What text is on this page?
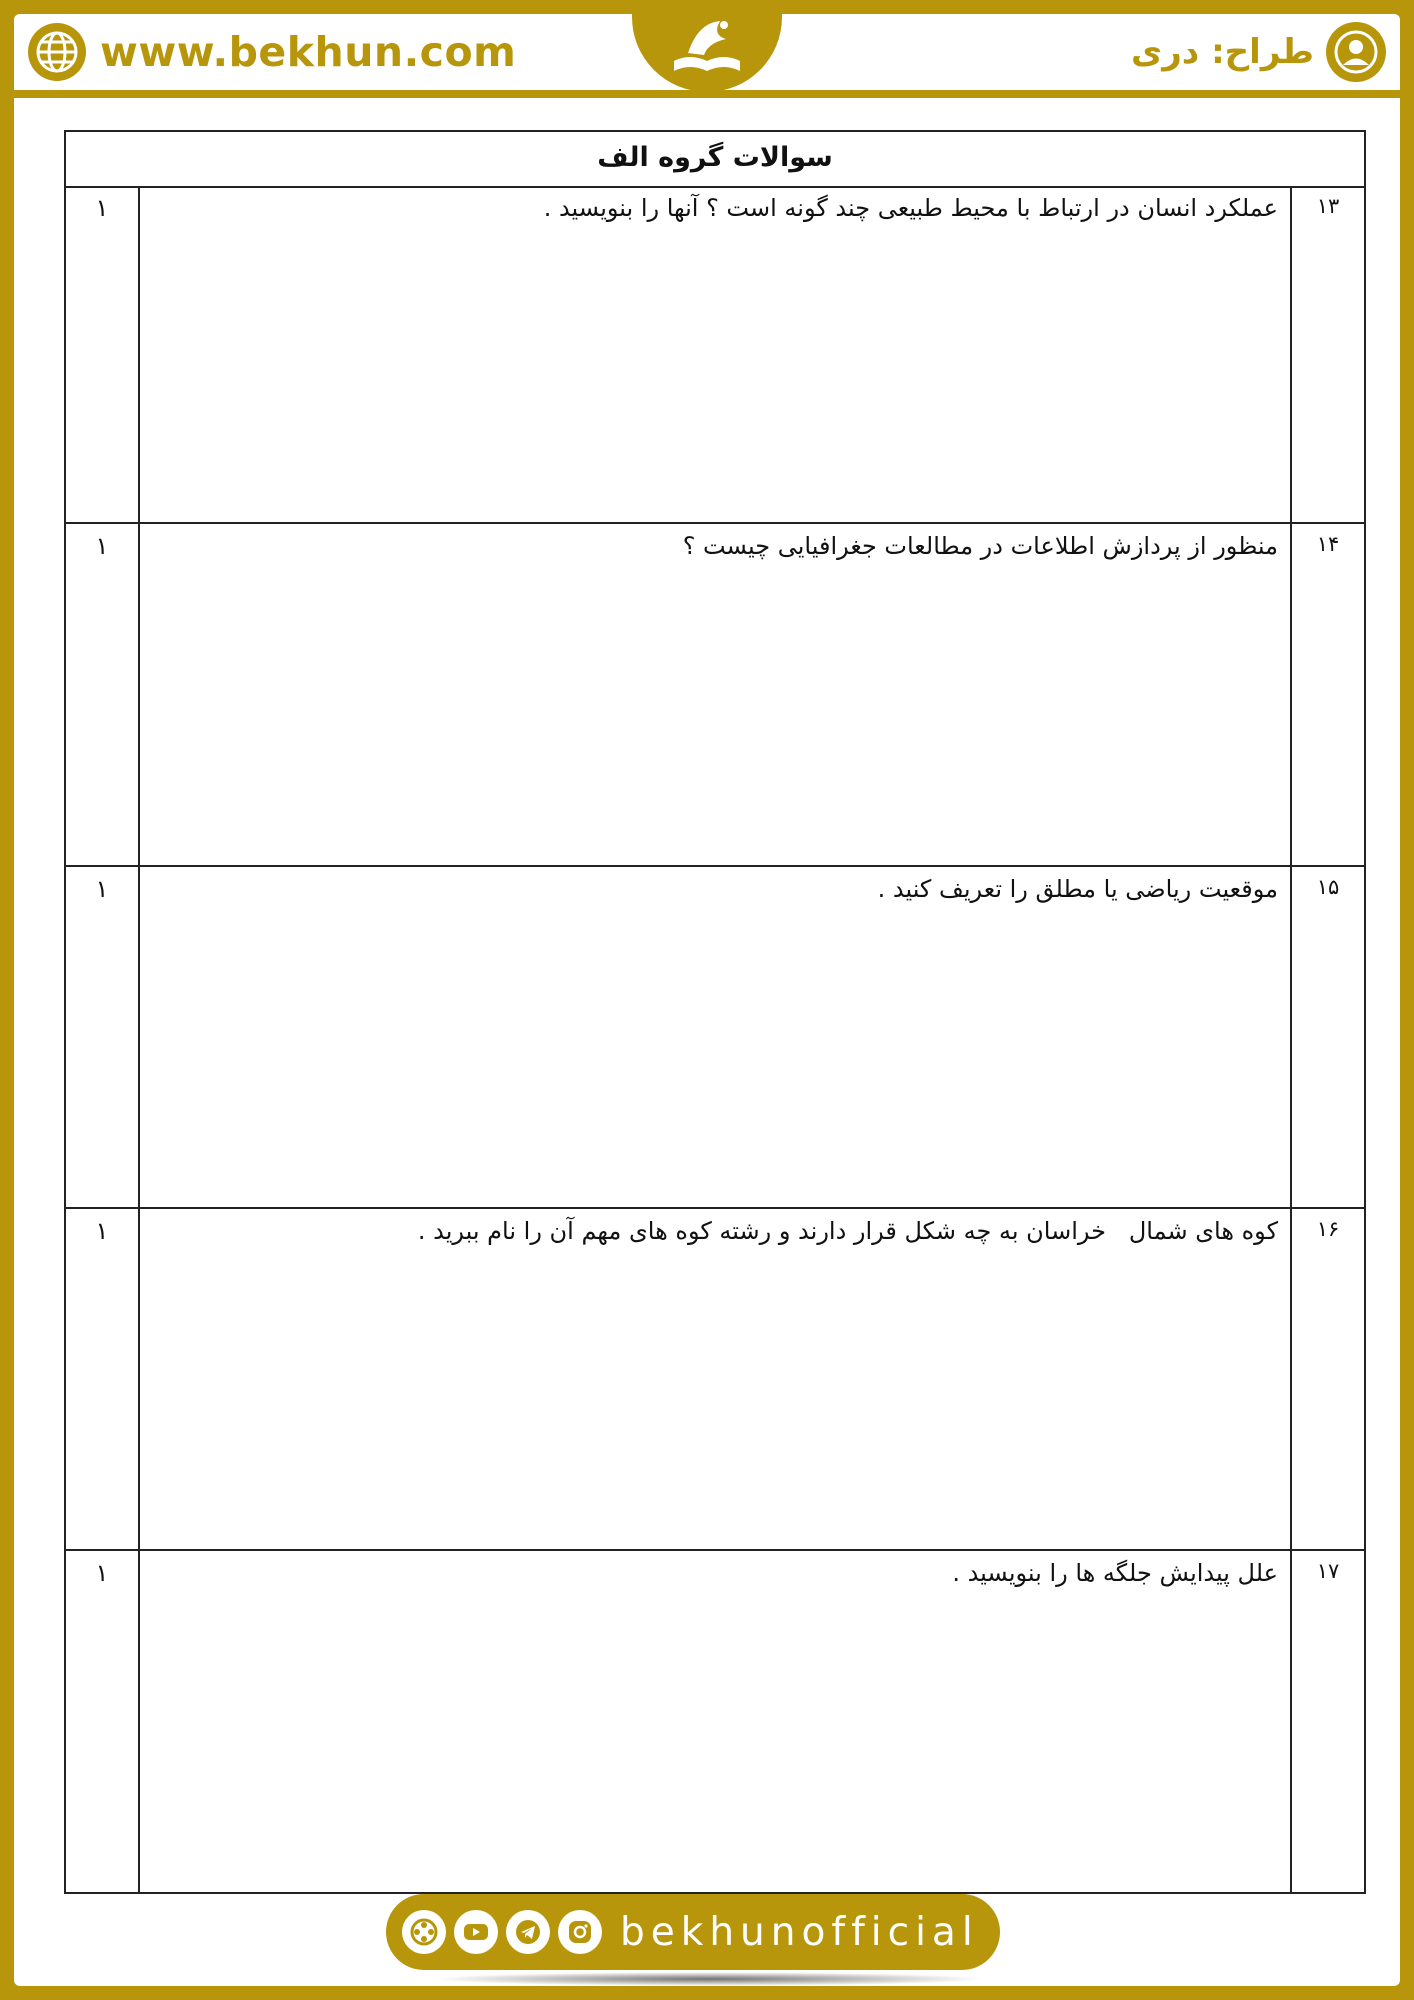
www.bekhun.com	طراح: دری
سوالات گروه الف
۱	عملکرد انسان در ارتباط با محیط طبیعی چند گونه است ؟ آنها را بنویسید .	۱۳
۱	منظور از پردازش اطلاعات در مطالعات جغرافیایی چیست ؟	۱۴
۱	موقعیت ریاضی یا مطلق را تعریف کنید .	۱۵
۱	کوه های شمال   خراسان به چه شکل قرار دارند و رشته کوه های مهم آن را نام ببرید .	۱۶
۱	علل پیدایش جلگه ها را بنویسید .	۱۷
bekhunofficial
